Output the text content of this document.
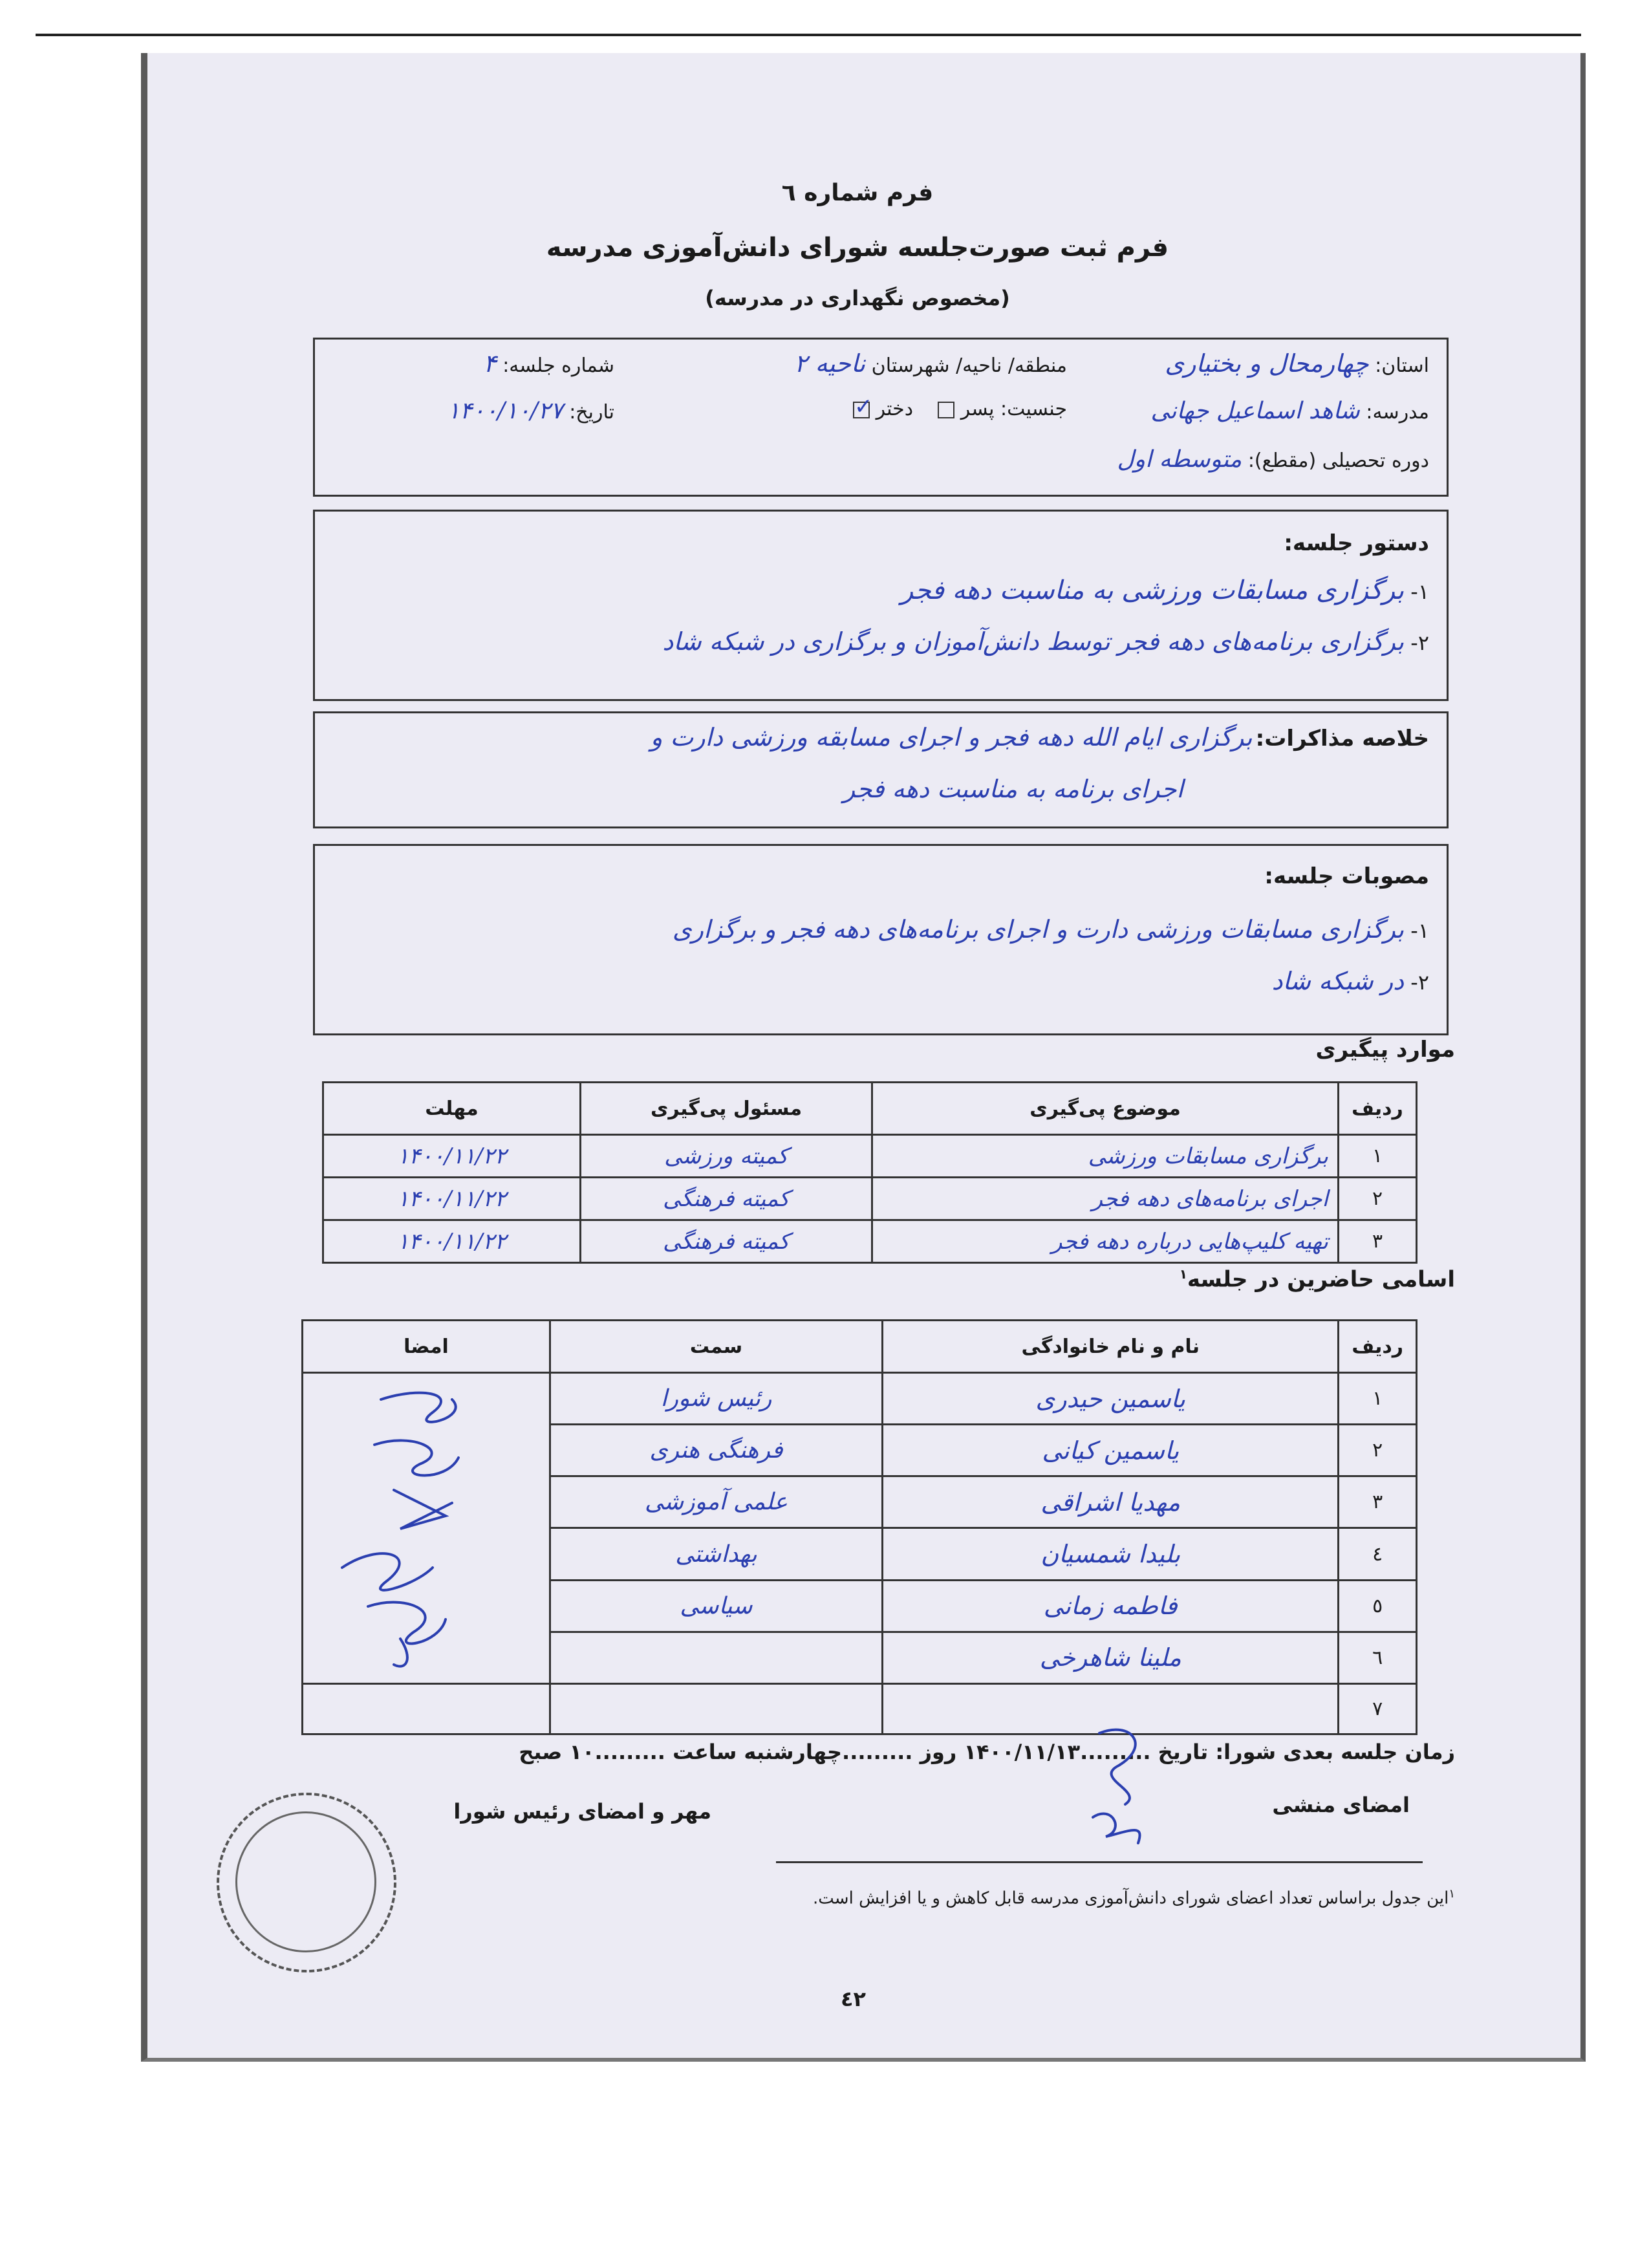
فرم شماره ٦
فرم ثبت صورت‌جلسه شورای دانش‌آموزی مدرسه
(مخصوص نگهداری در مدرسه)
استان: چهارمحال و بختیاری
منطقه/ ناحیه/ شهرستان ناحیه ۲
شماره جلسه: ۴
مدرسه: شاهد اسماعیل جهانی
جنسیت: پسر     دختر
✓
تاریخ: ۱۴۰۰/۱۰/۲۷
دوره تحصیلی (مقطع): متوسطه اول
دستور جلسه:
١- برگزاری مسابقات ورزشی به مناسبت دهه فجر
٢- برگزاری برنامه‌های دهه فجر توسط دانش‌آموزان و برگزاری در شبکه شاد
خلاصه مذاکرات: برگزاری ایام الله دهه فجر و اجرای مسابقه ورزشی دارت و
اجرای برنامه به مناسبت دهه فجر
مصوبات جلسه:
١- برگزاری مسابقات ورزشی دارت و اجرای برنامه‌های دهه فجر و برگزاری
٢- در شبکه شاد
موارد پیگیری
ردیف	موضوع پی‌گیری	مسئول پی‌گیری	مهلت
۱	برگزاری مسابقات ورزشی	کمیته ورزشی	۱۴۰۰/۱۱/۲۲
۲	اجرای برنامه‌های دهه فجر	کمیته فرهنگی	۱۴۰۰/۱۱/۲۲
۳	تهیه کلیپ‌هایی درباره دهه فجر	کمیته فرهنگی	۱۴۰۰/۱۱/۲۲
اسامی حاضرین در جلسه$^١$
ردیف	نام و نام خانوادگی	سمت	امضا
١	یاسمین حیدری	رئیس شورا	
٢	یاسمین کیانی	فرهنگی هنری	
٣	مهدیا اشراقی	علمی آموزشی	
٤	بلیدا شمسیان	بهداشتی	
٥	فاطمه زمانی	سیاسی	
٦	ملینا شاهرخی		
٧			
زمان جلسه بعدی شورا: تاریخ .........۱۴۰۰/۱۱/۱۳ روز .........چهارشنبه ساعت .........۱۰ صبح
امضای منشی
مهر و امضای رئیس شورا
$^١$این جدول براساس تعداد اعضای شورای دانش‌آموزی مدرسه قابل کاهش و یا افزایش است.
٤٢
